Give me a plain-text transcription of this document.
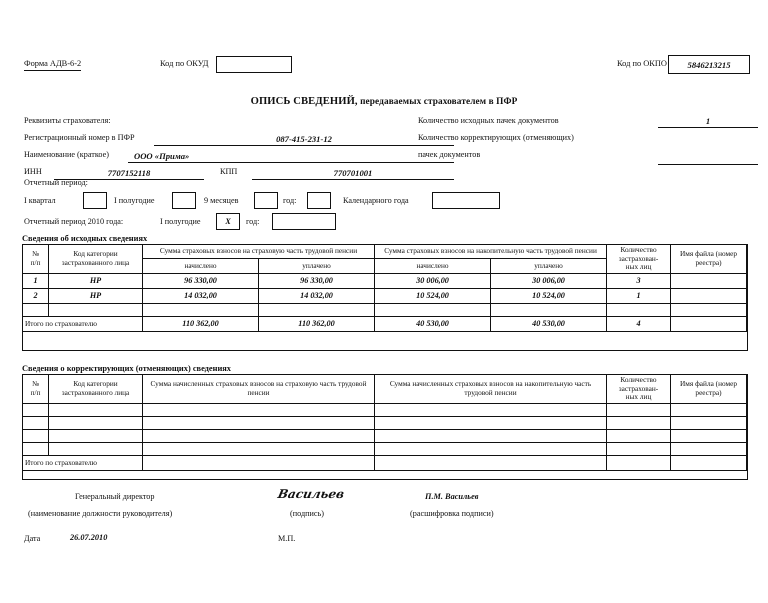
Форма АДВ-6-2	Код по ОКУД	Код по ОКПО 5846213215
ОПИСЬ СВЕДЕНИЙ, передаваемых страхователем в ПФР
Реквизиты страхователя:
Регистрационный номер в ПФР	087-415-231-12
Наименование (краткое)	ООО «Прима»
ИНН	7707152118	КПП	770701001
Количество исходных пачек документов	1
Количество корректирующих (отменяющих)
пачек документов
Отчетный период:
I квартал	I полугодие	9 месяцев	год:	Календарного года
Отчетный период 2010 года:	I полугодие	X год:
Сведения об исходных сведениях
№
п/п	Код категории застрахованного лица	Сумма страховых взносов на страховую часть трудовой пенсии		Сумма страховых взносов на накопительную часть трудовой пенсии		Количество
застрахован-
ных лиц	Имя файла (номер реестра)
		начислено	уплачено	начислено	уплачено		
1	НР	96 330,00	96 330,00	30 006,00	30 006,00	3	
2	НР	14 032,00	14 032,00	10 524,00	10 524,00	1	

Итого по страхователю		110 362,00	110 362,00	40 530,00	40 530,00	4	
Сведения о корректирующих (отменяющих) сведениях
№
п/п	Код категории застрахованного лица	Сумма начисленных страховых взносов на страховую часть трудовой пенсии	Сумма начисленных страховых взносов на накопительную часть трудовой пенсии	Количество
застрахован-
ных лиц	Имя файла (номер реестра)

Итого по страхователю					
Генеральный директор
(наименование должности руководителя)
Васильев
(подпись)
П.М. Васильев
(расшифровка подписи)
Дата	26.07.2010	М.П.
